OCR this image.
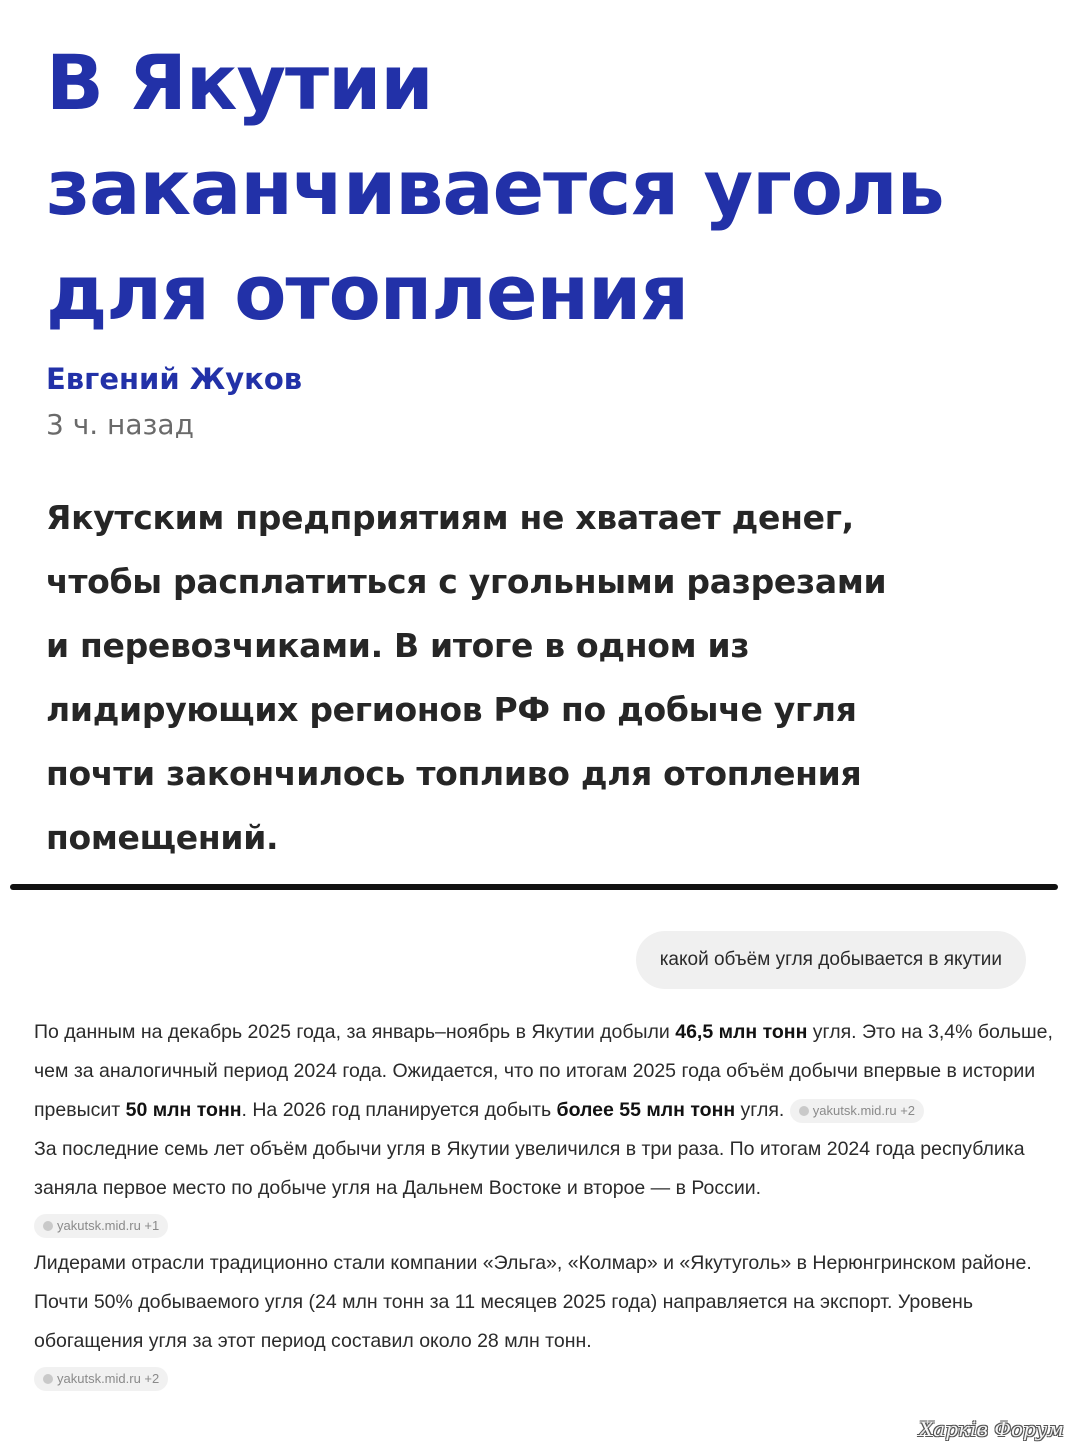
В Якутии
заканчивается уголь
для отопления
Евгений Жуков
3 ч. назад

Якутским предприятиям не хватает денег,
чтобы расплатиться с угольными разрезами
и перевозчиками. В итоге в одном из
лидирующих регионов РФ по добыче угля
почти закончилось топливо для отопления
помещений.

какой объём угля добывается в якутии

По данным на декабрь 2025 года, за январь–ноябрь в Якутии добыли 46,5 млн тонн угля. Это на 3,4% больше, чем за аналогичный период 2024 года. Ожидается, что по итогам 2025 года объём добычи впервые в истории превысит 50 млн тонн. На 2026 год планируется добыть более 55 млн тонн угля. yakutsk.mid.ru +2

За последние семь лет объём добычи угля в Якутии увеличился в три раза. По итогам 2024 года республика заняла первое место по добыче угля на Дальнем Востоке и второе — в России.

yakutsk.mid.ru +1

Лидерами отрасли традиционно стали компании «Эльга», «Колмар» и «Якутуголь» в Нерюнгринском районе. Почти 50% добываемого угля (24 млн тонн за 11 месяцев 2025 года) направляется на экспорт. Уровень обогащения угля за этот период составил около 28 млн тонн.

yakutsk.mid.ru +2
Харків Форум
